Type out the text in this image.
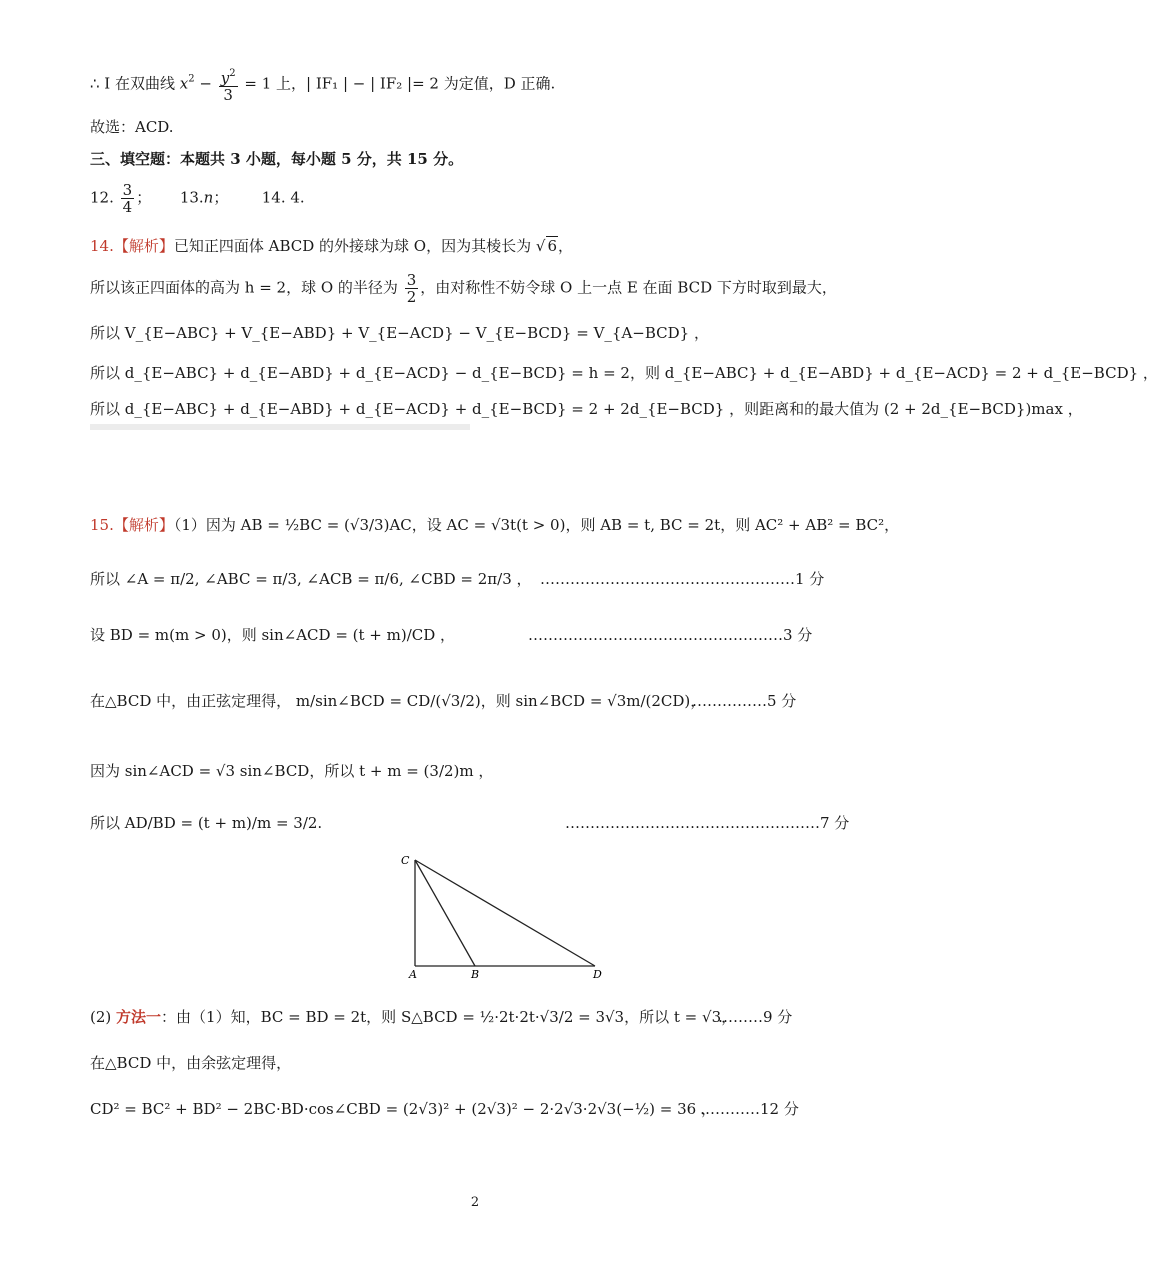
∴ I 在双曲线 $x^2 - \frac{y^2}{3} = 1$ 上，| IF₁ | − | IF₂ |= 2 为定值，D 正确.
故选：ACD.
三、填空题：本题共 3 小题，每小题 5 分，共 15 分。
12. $\frac{3}{4}$ ； 13.n； 14. 4.
14.【解析】已知正四面体 ABCD 的外接球为球 O，因为其棱长为 √ 6，
所以该正四面体的高为 h = 2，球 O 的半径为 $\frac{3}{2}$ ，由对称性不妨令球 O 上一点 E 在面 BCD 下方时取到最大，
所以 V_{E−ABC} + V_{E−ABD} + V_{E−ACD} − V_{E−BCD} = V_{A−BCD} ，
所以 d_{E−ABC} + d_{E−ABD} + d_{E−ACD} − d_{E−BCD} = h = 2，则 d_{E−ABC} + d_{E−ABD} + d_{E−ACD} = 2 + d_{E−BCD} ，
所以 d_{E−ABC} + d_{E−ABD} + d_{E−ACD} + d_{E−BCD} = 2 + 2d_{E−BCD} ，则距离和的最大值为 (2 + 2d_{E−BCD})max ，
15.【解析】（1）因为 AB = ½BC = (√3/3)AC，设 AC = √3t(t > 0)，则 AB = t, BC = 2t，则 AC² + AB² = BC²，
所以 ∠A = π/2, ∠ABC = π/3, ∠ACB = π/6, ∠CBD = 2π/3 ， ……………………………………………1 分
设 BD = m(m > 0)，则 sin∠ACD = (t + m)/CD ，	……………………………………………3 分
在△BCD 中，由正弦定理得， m/sin∠BCD = CD/(√3/2)，则 sin∠BCD = √3m/(2CD)，
……………5 分
因为 sin∠ACD = √3 sin∠BCD，所以 t + m = (3/2)m ，
所以 AD/BD = (t + m)/m = 3/2.	……………………………………………7 分
C
A	B	D
(2) 方法一：由（1）知，BC = BD = 2t，则 S△BCD = ½·2t·2t·√3/2 = 3√3，所以 t = √3，
………9 分
在△BCD 中，由余弦定理得，
CD² = BC² + BD² − 2BC·BD·cos∠CBD = (2√3)² + (2√3)² − 2·2√3·2√3(−½) = 36 ，
…………12 分
2
